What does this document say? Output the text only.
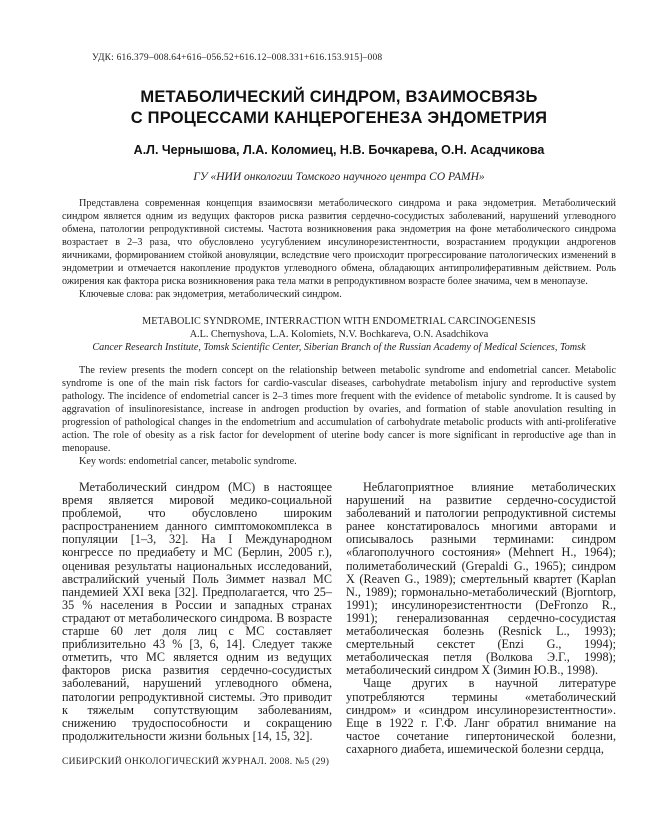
УДК: 616.379–008.64+616–056.52+616.12–008.331+616.153.915]–008
МЕТАБОЛИЧЕСКИЙ СИНДРОМ, ВЗАИМОСВЯЗЬ
С ПРОЦЕССАМИ КАНЦЕРОГЕНЕЗА ЭНДОМЕТРИЯ
А.Л. Чернышова, Л.А. Коломиец, Н.В. Бочкарева, О.Н. Асадчикова
ГУ «НИИ онкологии Томского научного центра СО РАМН»

Представлена современная концепция взаимосвязи метаболического синдрома и рака эндометрия. Метаболический синдром является одним из ведущих факторов риска развития сердечно-сосудистых заболеваний, нарушений углеводного обмена, патологии репродуктивной системы. Частота возникновения рака эндометрия на фоне метаболического синдрома возрастает в 2–3 раза, что обусловлено усугублением инсулинорезистентности, возрастанием продукции андрогенов яичниками, формированием стойкой ановуляции, вследствие чего происходит прогрессирование патологических изменений в эндометрии и отмечается накопление продуктов углеводного обмена, обладающих антипролиферативным действием. Роль ожирения как фактора риска возникновения рака тела матки в репродуктивном возрасте более значима, чем в менопаузе.

Ключевые слова: рак эндометрия, метаболический синдром.

METABOLIC SYNDROME, INTERRACTION WITH ENDOMETRIAL CARCINOGENESIS
A.L. Chernyshova, L.A. Kolomiets, N.V. Bochkareva, O.N. Asadchikova
Cancer Research Institute, Tomsk Scientific Center, Siberian Branch of the Russian Academy of Medical Sciences, Tomsk

The review presents the modern concept on the relationship between metabolic syndrome and endometrial cancer. Metabolic syndrome is one of the main risk factors for cardio-vascular diseases, carbohydrate metabolism injury and reproductive system pathology. The incidence of endometrial cancer is 2–3 times more frequent with the evidence of metabolic syndrome. It is caused by aggravation of insulinoresistance, increase in androgen production by ovaries, and formation of stable anovulation resulting in progression of pathological changes in the endometrium and accumulation of carbohydrate metabolic products with anti-proliferative action. The role of obesity as a risk factor for development of uterine body cancer is more significant in reproductive age than in menopause.

Key words: endometrial cancer, metabolic syndrome.

Метаболический синдром (МС) в настоящее время является мировой медико-социальной проблемой, что обусловлено широким распространением данного симптомокомплекса в популяции [1–3, 32]. На I Международном конгрессе по предиабету и МС (Берлин, 2005 г.), оценивая результаты национальных исследований, австралийский ученый Поль Зиммет назвал МС пандемией XXI века [32]. Предполагается, что 25–35 % населения в России и западных странах страдают от метаболического синдрома. В возрасте старше 60 лет доля лиц с МС составляет приблизительно 43 % [3, 6, 14]. Следует также отметить, что МС является одним из ведущих факторов риска развития сердечно-сосудистых заболеваний, нарушений углеводного обмена, патологии репродуктивной системы. Это приводит к тяжелым сопутствующим заболеваниям, снижению трудоспособности и сокращению продолжительности жизни больных [14, 15, 32].

Неблагоприятное влияние метаболических нарушений на развитие сердечно-сосудистой заболеваний и патологии репродуктивной системы ранее констатировалось многими авторами и описывалось разными терминами: синдром «благополучного состояния» (Mehnert H., 1964); полиметаболический (Grepaldi G., 1965); синдром X (Reaven G., 1989); смертельный квартет (Kaplan N., 1989); гормонально-метаболический (Bjorntorp, 1991); инсулинорезистентности (DeFronzo R., 1991); генерализованная сердечно-сосудистая метаболическая болезнь (Resnick L., 1993); смертельный секстет (Enzi G., 1994); метаболическая петля (Волкова Э.Г., 1998); метаболический синдром X (Зимин Ю.В., 1998).

Чаще других в научной литературе употребляются термины «метаболический синдром» и «синдром инсулинорезистентности». Еще в 1922 г. Г.Ф. Ланг обратил внимание на частое сочетание гипертонической болезни, сахарного диабета, ишемической болезни сердца,

СИБИРСКИЙ ОНКОЛОГИЧЕСКИЙ ЖУРНАЛ. 2008. №5 (29)
